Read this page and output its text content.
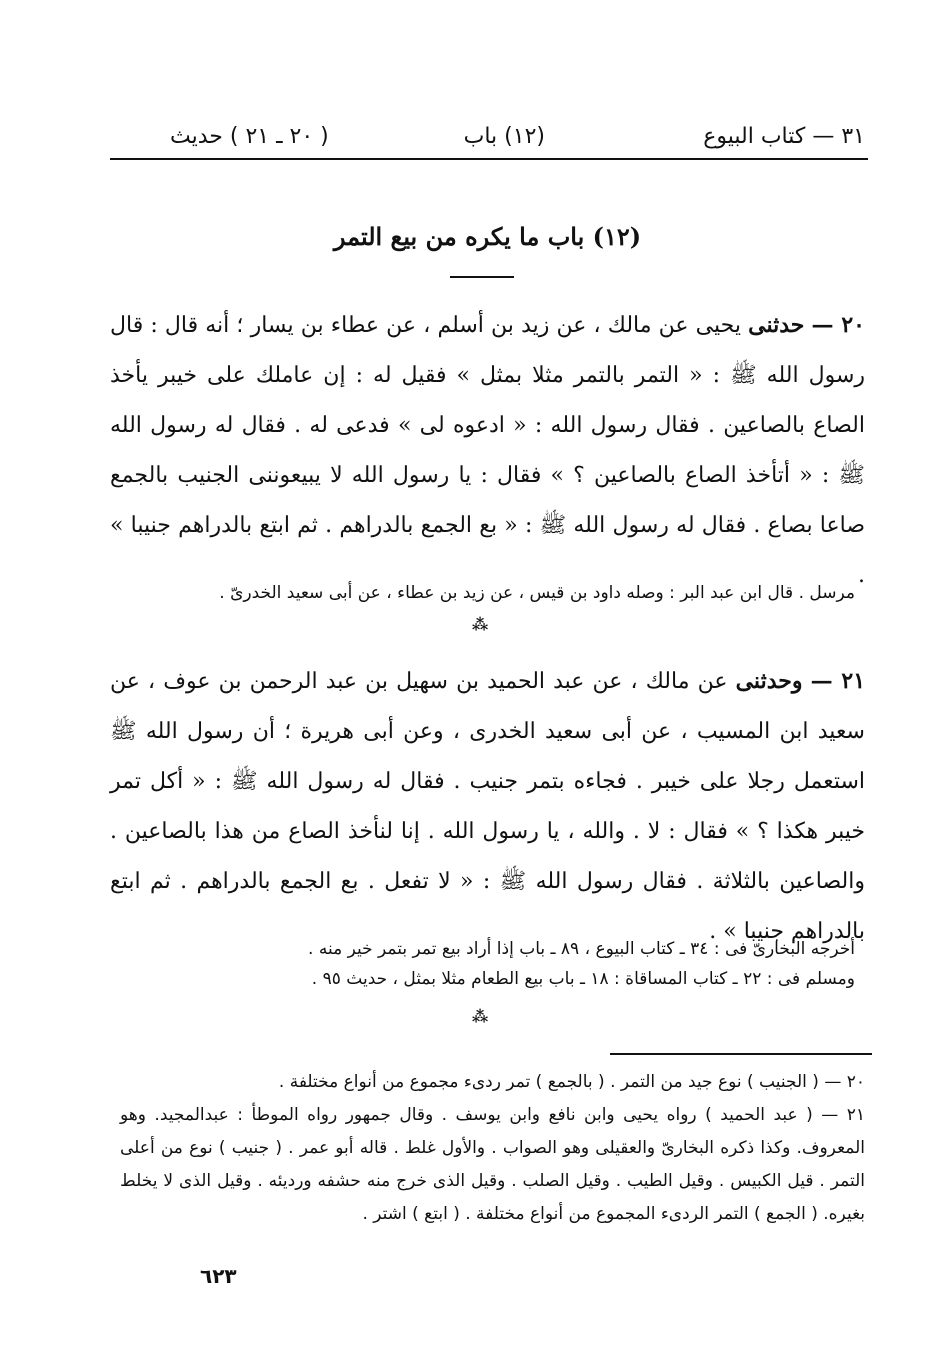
٣١ — كتاب البيوع
(١٢) باب
( ٢٠ ـ ٢١ ) حديث
(١٢) باب ما يكره من بيع التمر

٢٠ — حدثنى يحيى عن مالك ، عن زيد بن أسلم ، عن عطاء بن يسار ؛ أنه قال : قال رسول الله ﷺ : « التمر بالتمر مثلا بمثل » فقيل له : إن عاملك على خيبر يأخذ الصاع بالصاعين . فقال رسول الله : « ادعوه لى » فدعى له . فقال له رسول الله ﷺ : « أتأخذ الصاع بالصاعين ؟ » فقال : يا رسول الله لا يبيعوننى الجنيب بالجمع صاعا بصاع . فقال له رسول الله ﷺ : « بع الجمع بالدراهم . ثم ابتع بالدراهم جنيبا » .

مرسل . قال ابن عبد البر : وصله داود بن قيس ، عن زيد بن عطاء ، عن أبى سعيد الخدرىّ .
⁂

٢١ — وحدثنى عن مالك ، عن عبد الحميد بن سهيل بن عبد الرحمن بن عوف ، عن سعيد ابن المسيب ، عن أبى سعيد الخدرى ، وعن أبى هريرة ؛ أن رسول الله ﷺ استعمل رجلا على خيبر . فجاءه بتمر جنيب . فقال له رسول الله ﷺ : « أكل تمر خيبر هكذا ؟ » فقال : لا . والله ، يا رسول الله . إنا لنأخذ الصاع من هذا بالصاعين . والصاعين بالثلاثة . فقال رسول الله ﷺ : « لا تفعل . بع الجمع بالدراهم . ثم ابتع بالدراهم جنيبا » .

أخرجه البخارىّ فى : ٣٤ ـ كتاب البيوع ، ٨٩ ـ باب إذا أراد بيع تمر بتمر خير منه .

ومسلم فى : ٢٢ ـ كتاب المساقاة : ١٨ ـ باب بيع الطعام مثلا بمثل ، حديث ٩٥ .

⁂

٢٠ — ( الجنيب ) نوع جيد من التمر . ( بالجمع ) تمر ردىء مجموع من أنواع مختلفة .

٢١ — ( عبد الحميد ) رواه يحيى وابن نافع وابن يوسف . وقال جمهور رواه الموطأ : عبدالمجيد. وهو المعروف. وكذا ذكره البخارىّ والعقيلى وهو الصواب . والأول غلط . قاله أبو عمر . ( جنيب ) نوع من أعلى التمر . قيل الكبيس . وقيل الطيب . وقيل الصلب . وقيل الذى خرج منه حشفه ورديئه . وقيل الذى لا يخلط بغيره. ( الجمع ) التمر الردىء المجموع من أنواع مختلفة . ( ابتع ) اشتر .

٦٢٣
